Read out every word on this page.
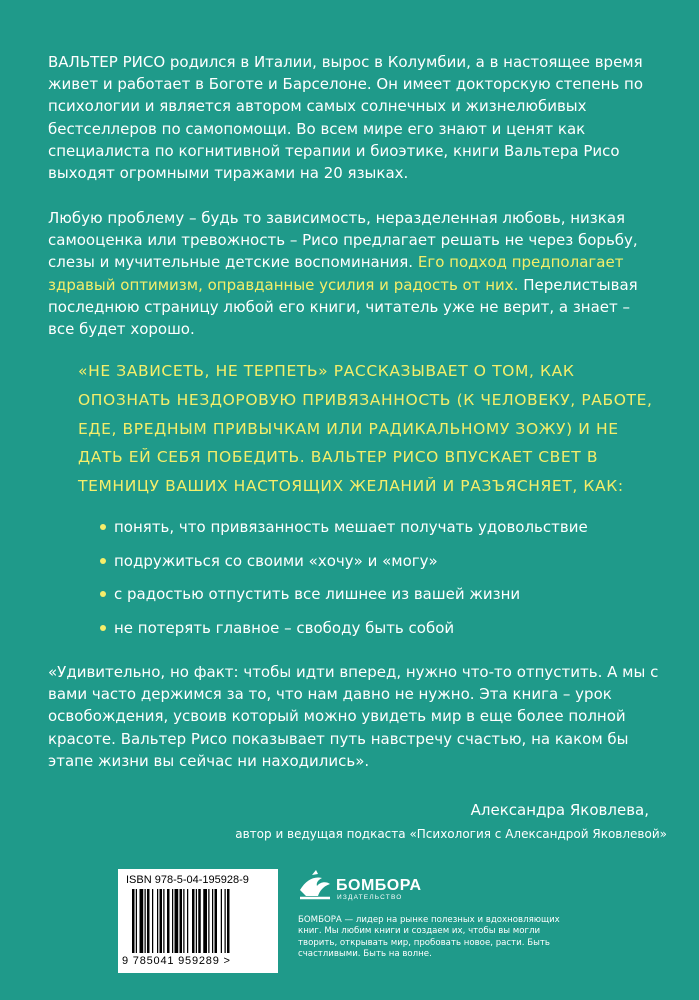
ВАЛЬТЕР РИСО родился в Италии, вырос в Колумбии, а в настоящее время живет и работает в Боготе и Барселоне. Он имеет докторскую степень по психологии и является автором самых солнечных и жизнелюбивых бестселлеров по самопомощи. Во всем мире его знают и ценят как специалиста по когнитивной терапии и биоэтике, книги Вальтера Рисо выходят огромными тиражами на 20 языках.

Любую проблему – будь то зависимость, неразделенная любовь, низкая самооценка или тревожность – Рисо предлагает решать не через борьбу, слезы и мучительные детские воспоминания. Его подход предполагает здравый оптимизм, оправданные усилия и радость от них. Перелистывая последнюю страницу любой его книги, читатель уже не верит, а знает – все будет хорошо.

«НЕ ЗАВИСЕТЬ, НЕ ТЕРПЕТЬ» РАССКАЗЫВАЕТ О ТОМ, КАК ОПОЗНАТЬ НЕЗДОРОВУЮ ПРИВЯЗАННОСТЬ (К ЧЕЛОВЕКУ, РАБОТЕ, ЕДЕ, ВРЕДНЫМ ПРИВЫЧКАМ ИЛИ РАДИКАЛЬНОМУ ЗОЖУ) И НЕ ДАТЬ ЕЙ СЕБЯ ПОБЕДИТЬ. ВАЛЬТЕР РИСО ВПУСКАЕТ СВЕТ В ТЕМНИЦУ ВАШИХ НАСТОЯЩИХ ЖЕЛАНИЙ И РАЗЪЯСНЯЕТ, КАК:

понять, что привязанность мешает получать удовольствие
подружиться со своими «хочу» и «могу»
с радостью отпустить все лишнее из вашей жизни
не потерять главное – свободу быть собой

«Удивительно, но факт: чтобы идти вперед, нужно что-то отпустить. А мы с вами часто держимся за то, что нам давно не нужно. Эта книга – урок освобождения, усвоив который можно увидеть мир в еще более полной красоте. Вальтер Рисо показывает путь навстречу счастью, на каком бы этапе жизни вы сейчас ни находились».

Александра Яковлева,
автор и ведущая подкаста «Психология с Александрой Яковлевой»
ISBN 978-5-04-195928-9
9 785041 959289 >
БОМБОРА
ИЗДАТЕЛЬСТВО

БОМБОРА — лидер на рынке полезных и вдохновляющих книг. Мы любим книги и создаем их, чтобы вы могли творить, открывать мир, пробовать новое, расти. Быть счастливыми. Быть на волне.
